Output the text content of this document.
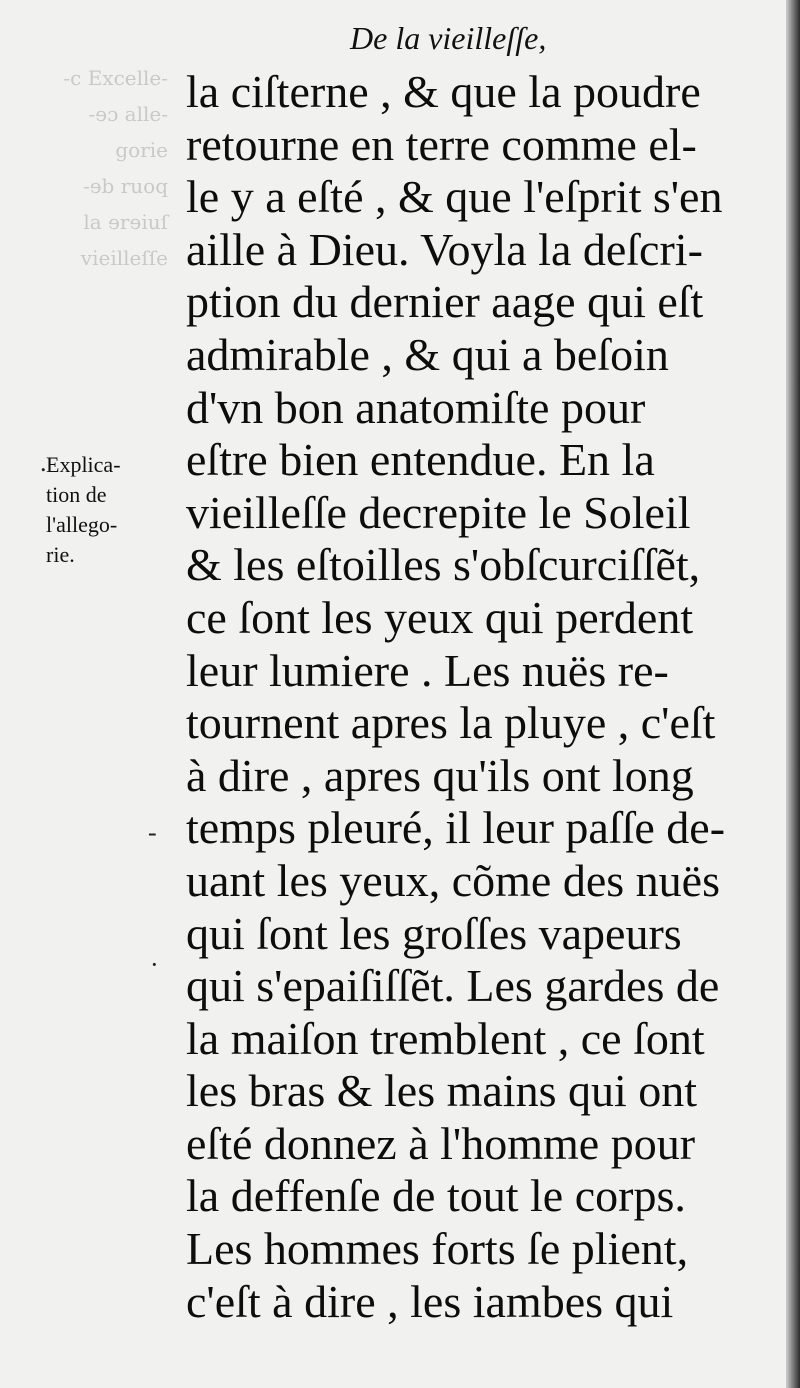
-c Excelle-
-ɘɔ alle-
gorie
-ɘb ruoq
la ɘrɘiuſ
vieilleſſe
De la vieilleſſe,
Explica-
tion de
l'allego-
rie.
.
-
·
la ciſterne , & que la poudre
retourne en terre comme el-
le y a eſté , & que l'eſprit s'en
aille à Dieu. Voyla la deſcri-
ption du dernier aage qui eſt
admirable , & qui a beſoin
d'vn bon anatomiſte pour
eſtre bien entendue. En la
vieilleſſe decrepite le Soleil
& les eſtoilles s'obſcurciſſẽt,
ce ſont les yeux qui perdent
leur lumiere . Les nuës re-
tournent apres la pluye , c'eſt
à dire , apres qu'ils ont long
temps pleuré, il leur paſſe de-
uant les yeux, cõme des nuës
qui ſont les groſſes vapeurs
qui s'epaiſiſſẽt. Les gardes de
la maiſon tremblent , ce ſont
les bras & les mains qui ont
eſté donnez à l'homme pour
la deffenſe de tout le corps.
Les hommes forts ſe plient,
c'eſt à dire , les iambes qui
